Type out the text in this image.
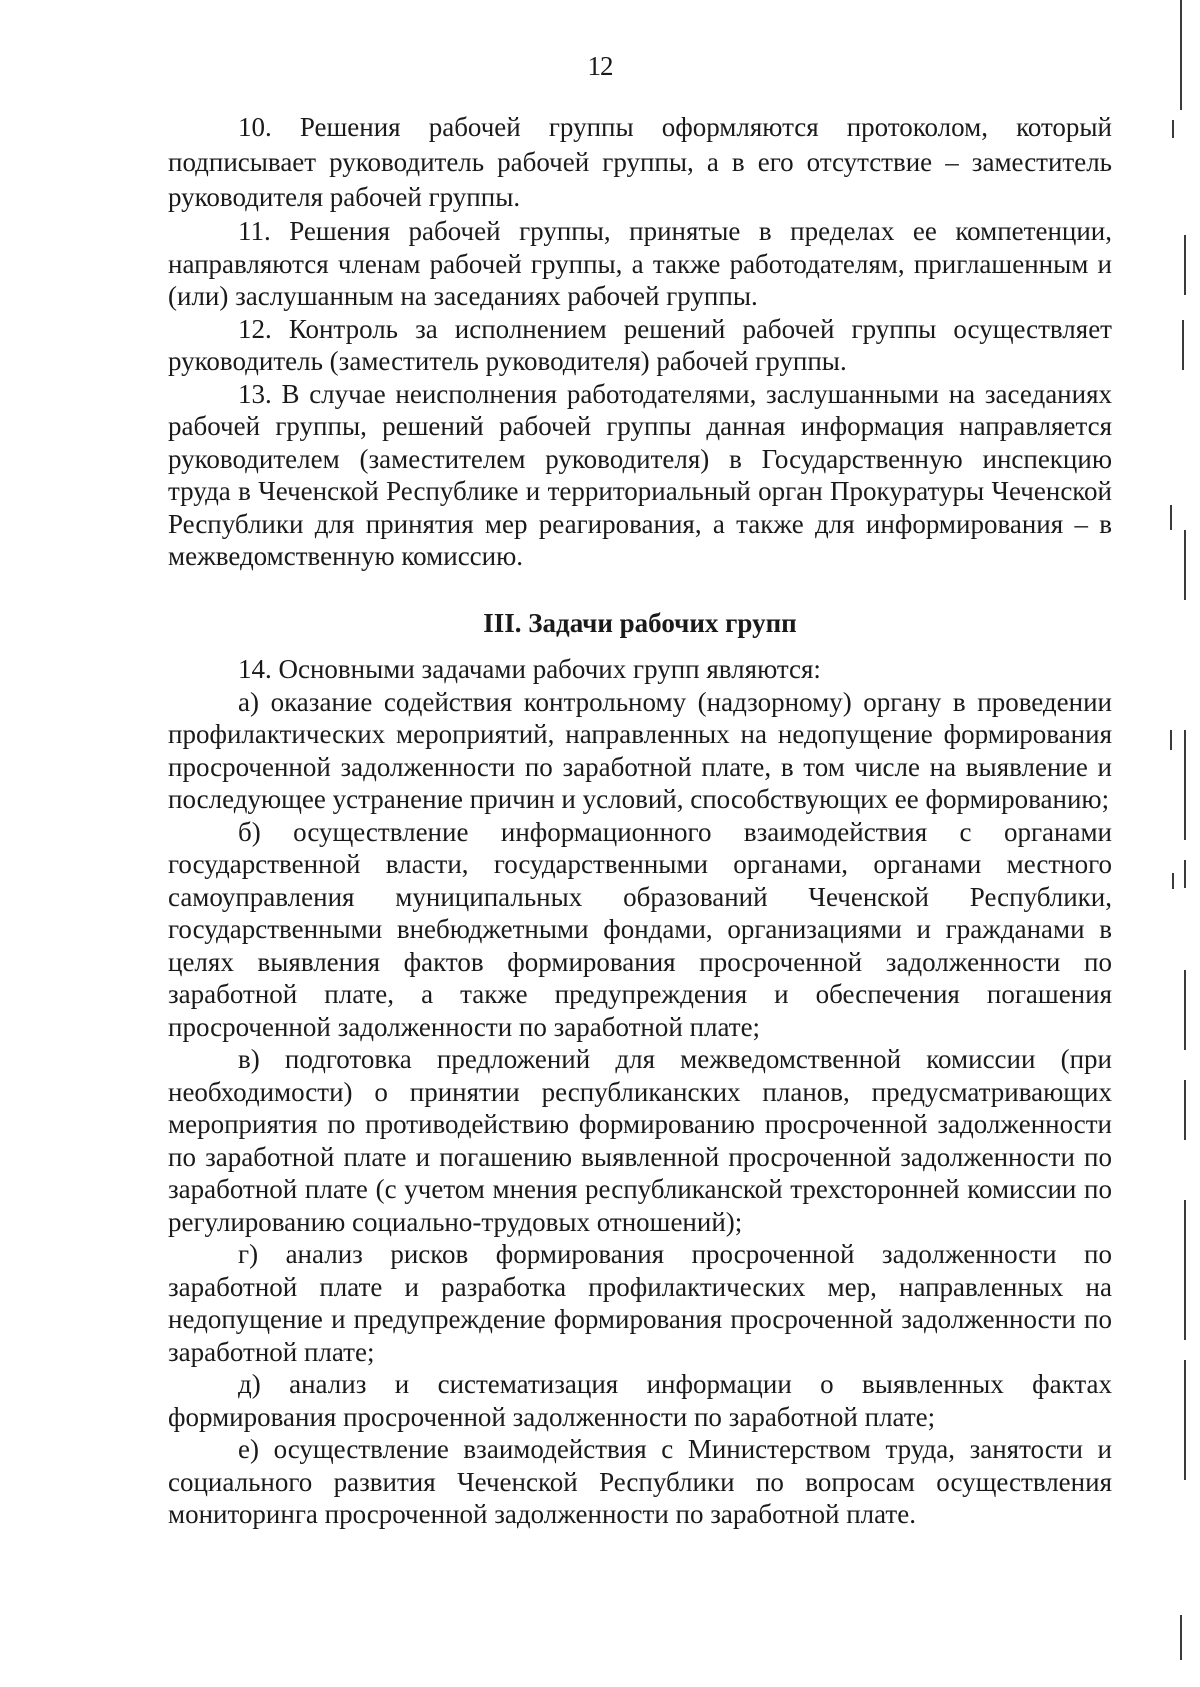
12

10. Решения рабочей группы оформляются протоколом, который подписывает руководитель рабочей группы, а в его отсутствие – заместитель руководителя рабочей группы.

11. Решения рабочей группы, принятые в пределах ее компетенции, направляются членам рабочей группы, а также работодателям, приглашенным и (или) заслушанным на заседаниях рабочей группы.

12. Контроль за исполнением решений рабочей группы осуществляет руководитель (заместитель руководителя) рабочей группы.

13. В случае неисполнения работодателями, заслушанными на заседаниях рабочей группы, решений рабочей группы данная информация направляется руководителем (заместителем руководителя) в Государственную инспекцию труда в Чеченской Республике и территориальный орган Прокуратуры Чеченской Республики для принятия мер реагирования, а также для информирования – в межведомственную комиссию.

III. Задачи рабочих групп

14. Основными задачами рабочих групп являются:

а) оказание содействия контрольному (надзорному) органу в проведении профилактических мероприятий, направленных на недопущение формирования просроченной задолженности по заработной плате, в том числе на выявление и последующее устранение причин и условий, способствующих ее формированию;

б) осуществление информационного взаимодействия с органами государственной власти, государственными органами, органами местного самоуправления муниципальных образований Чеченской Республики, государственными внебюджетными фондами, организациями и гражданами в целях выявления фактов формирования просроченной задолженности по заработной плате, а также предупреждения и обеспечения погашения просроченной задолженности по заработной плате;

в) подготовка предложений для межведомственной комиссии (при необходимости) о принятии республиканских планов, предусматривающих мероприятия по противодействию формированию просроченной задолженности по заработной плате и погашению выявленной просроченной задолженности по заработной плате (с учетом мнения республиканской трехсторонней комиссии по регулированию социально-трудовых отношений);

г) анализ рисков формирования просроченной задолженности по заработной плате и разработка профилактических мер, направленных на недопущение и предупреждение формирования просроченной задолженности по заработной плате;

д) анализ и систематизация информации о выявленных фактах формирования просроченной задолженности по заработной плате;

е) осуществление взаимодействия с Министерством труда, занятости и социального развития Чеченской Республики по вопросам осуществления мониторинга просроченной задолженности по заработной плате.
